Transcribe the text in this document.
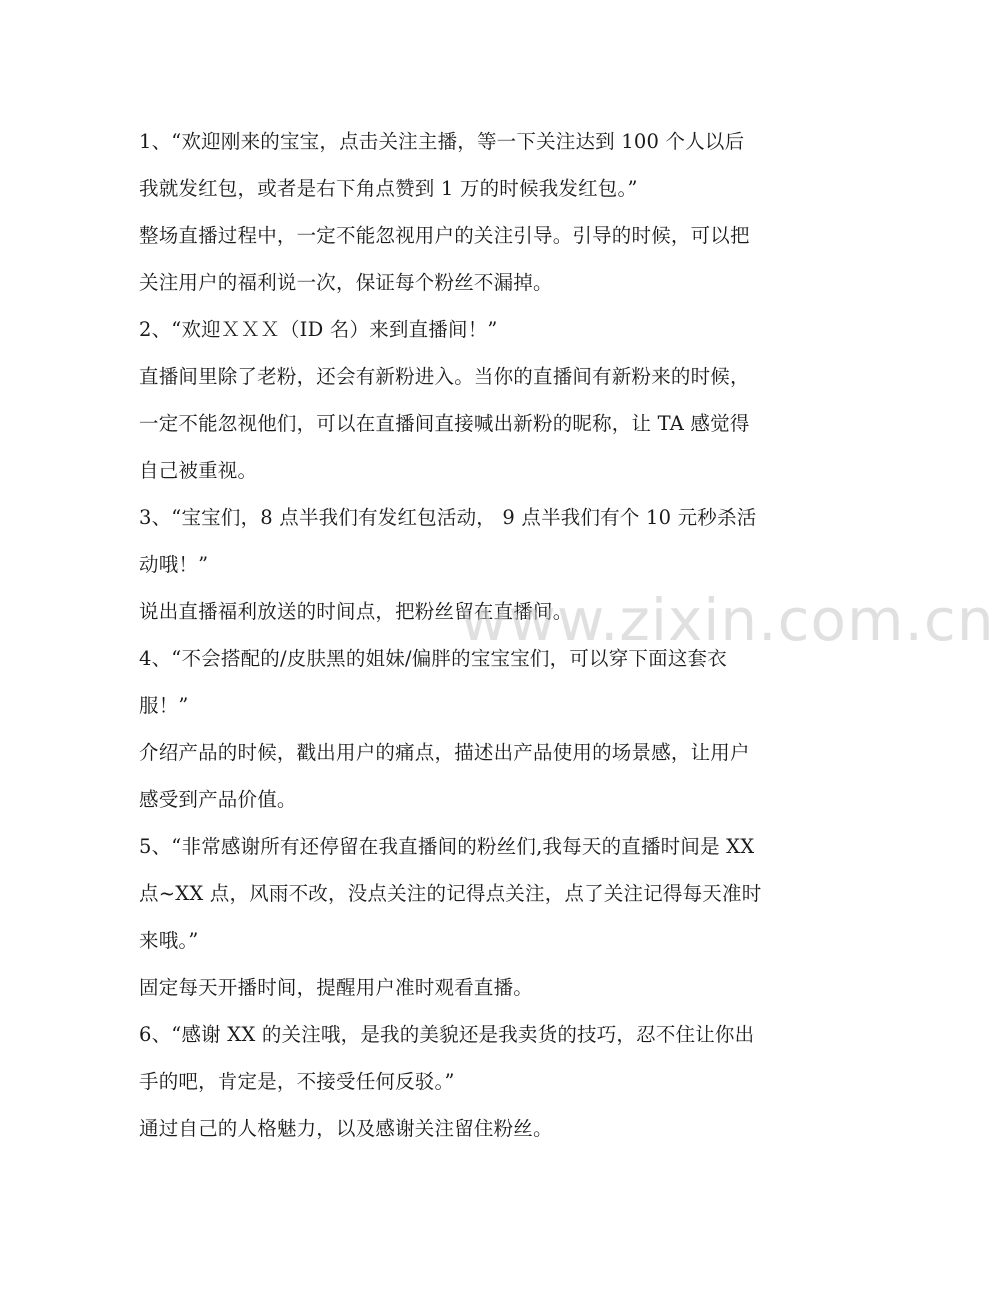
1、“欢迎刚来的宝宝，点击关注主播，等一下关注达到 100 个人以后
我就发红包，或者是右下角点赞到 1 万的时候我发红包。”
整场直播过程中，一定不能忽视用户的关注引导。引导的时候，可以把
关注用户的福利说一次，保证每个粉丝不漏掉。
2、“欢迎ＸＸＸ（ID 名）来到直播间！”
直播间里除了老粉，还会有新粉进入。当你的直播间有新粉来的时候，
一定不能忽视他们，可以在直播间直接喊出新粉的昵称，让 TA 感觉得
自己被重视。
3、“宝宝们，8 点半我们有发红包活动， 9 点半我们有个 10 元秒杀活
动哦！”
说出直播福利放送的时间点，把粉丝留在直播间。
4、“不会搭配的/皮肤黑的姐妹/偏胖的宝宝宝们，可以穿下面这套衣
服！”
介绍产品的时候，戳出用户的痛点，描述出产品使用的场景感，让用户
感受到产品价值。
5、“非常感谢所有还停留在我直播间的粉丝们,我每天的直播时间是 XX
点~XX 点，风雨不改，没点关注的记得点关注，点了关注记得每天准时
来哦。”
固定每天开播时间，提醒用户准时观看直播。
6、“感谢 XX 的关注哦，是我的美貌还是我卖货的技巧，忍不住让你出
手的吧，肯定是，不接受任何反驳。”
通过自己的人格魅力，以及感谢关注留住粉丝。
www.zixin.com.cn
